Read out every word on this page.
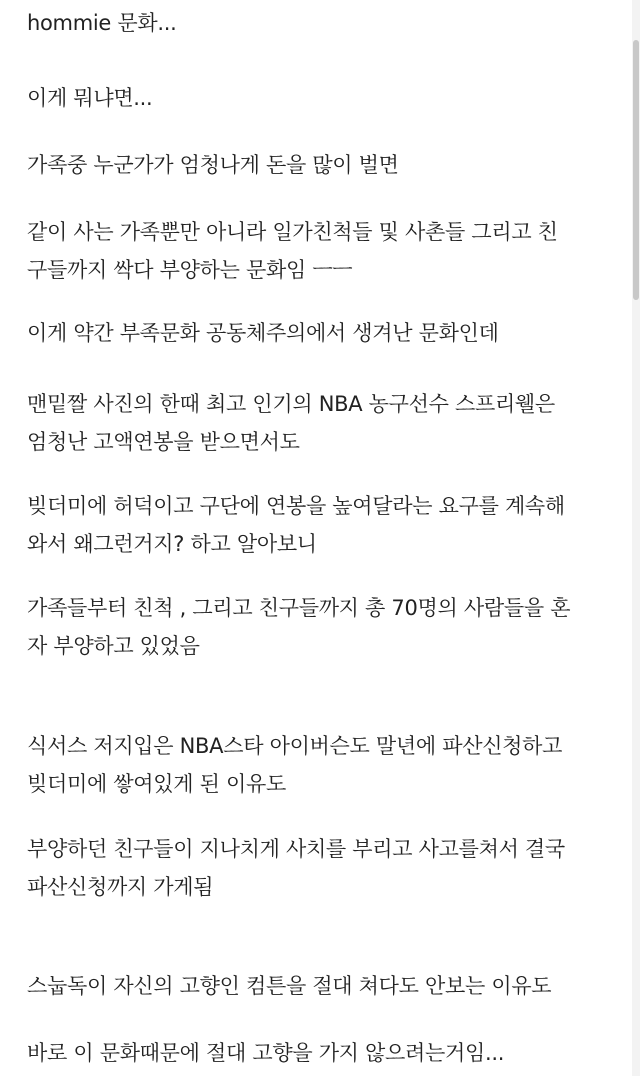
hommie 문화...

이게 뭐냐면...

가족중 누군가가 엄청나게 돈을 많이 벌면

같이 사는 가족뿐만 아니라 일가친척들 및 사촌들 그리고 친
구들까지 싹다 부양하는 문화임 ㅡㅡ

이게 약간 부족문화 공동체주의에서 생겨난 문화인데

맨밑짤 사진의 한때 최고 인기의 NBA 농구선수 스프리웰은
엄청난 고액연봉을 받으면서도

빚더미에 허덕이고 구단에 연봉을 높여달라는 요구를 계속해
와서 왜그런거지? 하고 알아보니

가족들부터 친척 , 그리고 친구들까지 총 70명의 사람들을 혼
자 부양하고 있었음

식서스 저지입은 NBA스타 아이버슨도 말년에 파산신청하고
빚더미에 쌓여있게 된 이유도

부양하던 친구들이 지나치게 사치를 부리고 사고를쳐서 결국
파산신청까지 가게됨

스눕독이 자신의 고향인 컴튼을 절대 쳐다도 안보는 이유도

바로 이 문화때문에 절대 고향을 가지 않으려는거임...
